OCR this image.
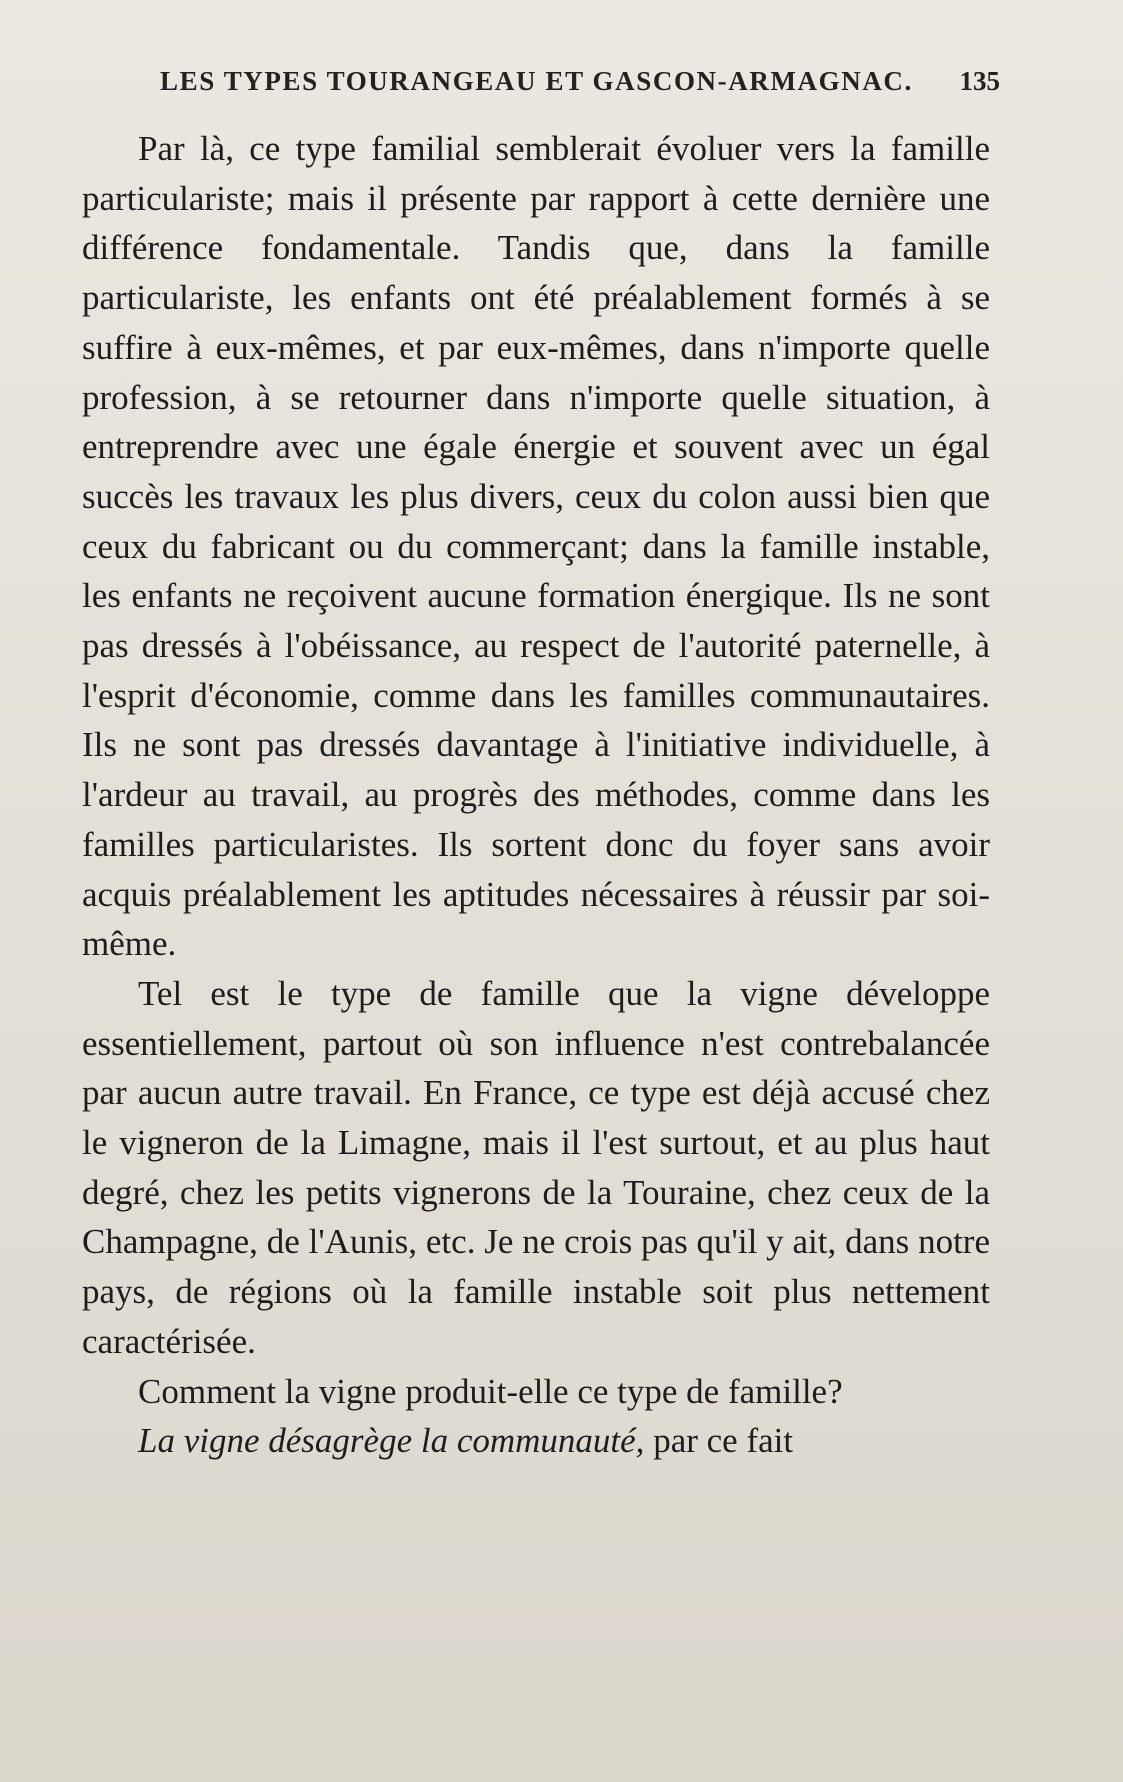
LES TYPES TOURANGEAU ET GASCON-ARMAGNAC. 135

Par là, ce type familial semblerait évoluer vers la famille particulariste; mais il présente par rapport à cette dernière une différence fondamentale. Tandis que, dans la famille particulariste, les enfants ont été préalablement formés à se suffire à eux-mêmes, et par eux-mêmes, dans n'importe quelle profession, à se retourner dans n'importe quelle situation, à entreprendre avec une égale énergie et souvent avec un égal succès les travaux les plus divers, ceux du colon aussi bien que ceux du fabricant ou du commerçant; dans la famille instable, les enfants ne reçoivent aucune formation énergique. Ils ne sont pas dressés à l'obéissance, au respect de l'autorité paternelle, à l'esprit d'économie, comme dans les familles communautaires. Ils ne sont pas dressés davantage à l'initiative individuelle, à l'ardeur au travail, au progrès des méthodes, comme dans les familles particularistes. Ils sortent donc du foyer sans avoir acquis préalablement les aptitudes nécessaires à réussir par soi-même.

Tel est le type de famille que la vigne développe essentiellement, partout où son influence n'est contrebalancée par aucun autre travail. En France, ce type est déjà accusé chez le vigneron de la Limagne, mais il l'est surtout, et au plus haut degré, chez les petits vignerons de la Touraine, chez ceux de la Champagne, de l'Aunis, etc. Je ne crois pas qu'il y ait, dans notre pays, de régions où la famille instable soit plus nettement caractérisée.

Comment la vigne produit-elle ce type de famille?

La vigne désagrège la communauté, par ce fait
